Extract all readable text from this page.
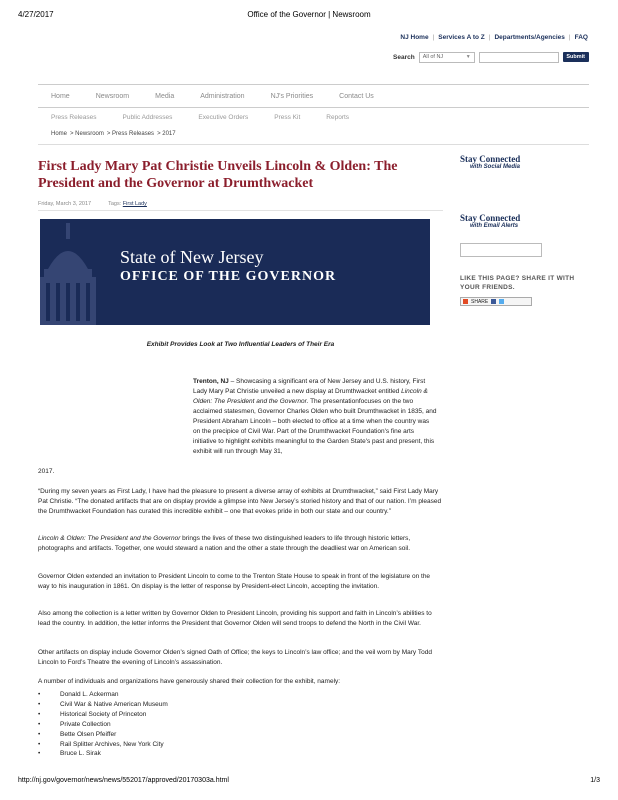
4/27/2017	Office of the Governor | Newsroom
NJ Home | Services A to Z | Departments/Agencies | FAQ
Search	All of NJ	▼	Submit
Home	Newsroom	Media	Administration	NJ's Priorities	Contact Us
Press Releases	Public Addresses	Executive Orders	Press Kit	Reports
Home > Newsroom > Press Releases > 2017
First Lady Mary Pat Christie Unveils Lincoln & Olden: The President and the Governor at Drumthwacket
Friday, March 3, 2017	Tags: First Lady
State of New Jersey
OFFICE OF THE GOVERNOR
Exhibit Provides Look at Two Influential Leaders of Their Era

Trenton, NJ – Showcasing a significant era of New Jersey and U.S. history, First Lady Mary Pat Christie unveiled a new display at Drumthwacket entitled Lincoln & Olden: The President and the Governor. The presentationfocuses on the two acclaimed statesmen, Governor Charles Olden who built Drumthwacket in 1835, and President Abraham Lincoln – both elected to office at a time when the country was on the precipice of Civil War. Part of the Drumthwacket Foundation's fine arts initiative to highlight exhibits meaningful to the Garden State's past and present, this exhibit will run through May 31,

2017.

“During my seven years as First Lady, I have had the pleasure to present a diverse array of exhibits at Drumthwacket,” said First Lady Mary Pat Christie. “The donated artifacts that are on display provide a glimpse into New Jersey’s storied history and that of our nation. I’m pleased the Drumthwacket Foundation has curated this incredible exhibit – one that evokes pride in both our state and our country.”

Lincoln & Olden: The President and the Governor brings the lives of these two distinguished leaders to life through historic letters, photographs and artifacts. Together, one would steward a nation and the other a state through the deadliest war on American soil.

Governor Olden extended an invitation to President Lincoln to come to the Trenton State House to speak in front of the legislature on the way to his inauguration in 1861. On display is the letter of response by President-elect Lincoln, accepting the invitation.

Also among the collection is a letter written by Governor Olden to President Lincoln, providing his support and faith in Lincoln’s abilities to lead the country. In addition, the letter informs the President that Governor Olden will send troops to defend the North in the Civil War.

Other artifacts on display include Governor Olden’s signed Oath of Office; the keys to Lincoln’s law office; and the veil worn by Mary Todd Lincoln to Ford’s Theatre the evening of Lincoln’s assassination.

A number of individuals and organizations have generously shared their collection for the exhibit, namely:

•	Donald L. Ackerman
•	Civil War & Native American Museum
•	Historical Society of Princeton
•	Private Collection
•	Bette Olsen Pfeiffer
•	Rail Splitter Archives, New York City
•	Bruce L. Sirak
Stay Connected
with Social Media
Stay Connected
with Email Alerts
LIKE THIS PAGE? SHARE IT WITH YOUR FRIENDS.
SHARE
http://nj.gov/governor/news/news/552017/approved/20170303a.html	1/3
